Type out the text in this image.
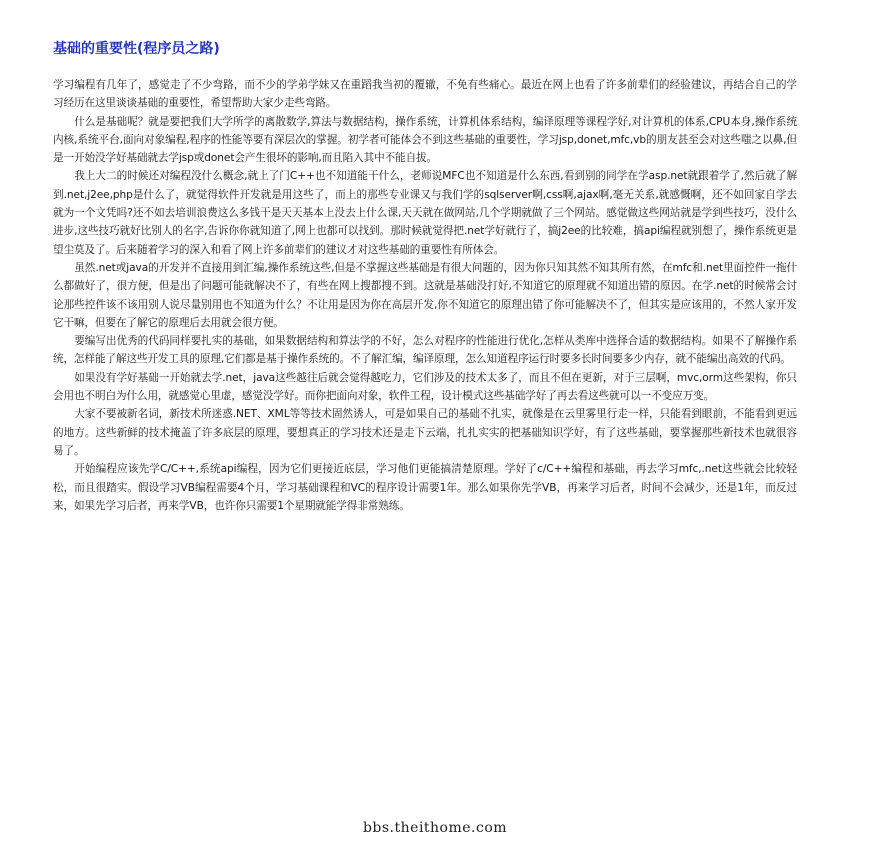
基础的重要性(程序员之路)

学习编程有几年了，感觉走了不少弯路，而不少的学弟学妹又在重蹈我当初的覆辙，不免有些痛心。最近在网上也看了许多前辈们的经验建议，再结合自己的学习经历在这里谈谈基础的重要性，希望帮助大家少走些弯路。

什么是基础呢？就是要把我们大学所学的离散数学,算法与数据结构，操作系统，计算机体系结构，编译原理等课程学好,对计算机的体系,CPU本身,操作系统内核,系统平台,面向对象编程,程序的性能等要有深层次的掌握。初学者可能体会不到这些基础的重要性，学习jsp,donet,mfc,vb的朋友甚至会对这些嗤之以鼻,但是一开始没学好基础就去学jsp或donet会产生很坏的影响,而且陷入其中不能自拔。

我上大二的时候还对编程没什么概念,就上了门C++也不知道能干什么，老师说MFC也不知道是什么东西,看到别的同学在学asp.net就跟着学了,然后就了解到.net,j2ee,php是什么了，就觉得软件开发就是用这些了，而上的那些专业课又与我们学的sqlserver啊,css啊,ajax啊,毫无关系,就感慨啊，还不如回家自学去就为一个文凭吗?还不如去培训浪费这么多钱干是天天基本上没去上什么课,天天就在做网站,几个学期就做了三个网站。感觉做这些网站就是学到些技巧，没什么进步,这些技巧就好比别人的名字,告诉你你就知道了,网上也都可以找到。那时候就觉得把.net学好就行了，搞j2ee的比较难，搞api编程就别想了，操作系统更是望尘莫及了。后来随着学习的深入和看了网上许多前辈们的建议才对这些基础的重要性有所体会。

虽然.net或java的开发并不直接用到汇编,操作系统这些,但是不掌握这些基础是有很大问题的，因为你只知其然不知其所有然，在mfc和.net里面控件一拖什么都做好了，很方便，但是出了问题可能就解决不了，有些在网上搜都搜不到。这就是基础没打好,不知道它的原理就不知道出错的原因。在学.net的时候常会讨论那些控件该不该用别人说尽量别用也不知道为什么？不让用是因为你在高层开发,你不知道它的原理出错了你可能解决不了，但其实是应该用的，不然人家开发它干嘛，但要在了解它的原理后去用就会很方便。

要编写出优秀的代码同样要扎实的基础，如果数据结构和算法学的不好，怎么对程序的性能进行优化,怎样从类库中选择合适的数据结构。如果不了解操作系统，怎样能了解这些开发工具的原理,它们都是基于操作系统的。不了解汇编，编译原理，怎么知道程序运行时要多长时间要多少内存，就不能编出高效的代码。

如果没有学好基础一开始就去学.net，java这些越往后就会觉得越吃力，它们涉及的技术太多了，而且不但在更新，对于三层啊，mvc,orm这些架构，你只会用也不明白为什么用，就感觉心里虚，感觉没学好。而你把面向对象，软件工程，设计模式这些基础学好了再去看这些就可以一不变应万变。

大家不要被新名词，新技术所迷惑.NET、XML等等技术固然诱人，可是如果自己的基础不扎实，就像是在云里雾里行走一样，只能看到眼前，不能看到更远的地方。这些新鲜的技术掩盖了许多底层的原理，要想真正的学习技术还是走下云端，扎扎实实的把基础知识学好，有了这些基础，要掌握那些新技术也就很容易了。

开始编程应该先学C/C++,系统api编程，因为它们更接近底层，学习他们更能搞清楚原理。学好了c/C++编程和基础，再去学习mfc,.net这些就会比较轻松，而且很踏实。假设学习VB编程需要4个月，学习基础课程和VC的程序设计需要1年。那么如果你先学VB，再来学习后者，时间不会减少，还是1年，而反过来，如果先学习后者，再来学VB，也许你只需要1个星期就能学得非常熟练。

bbs.theithome.com
